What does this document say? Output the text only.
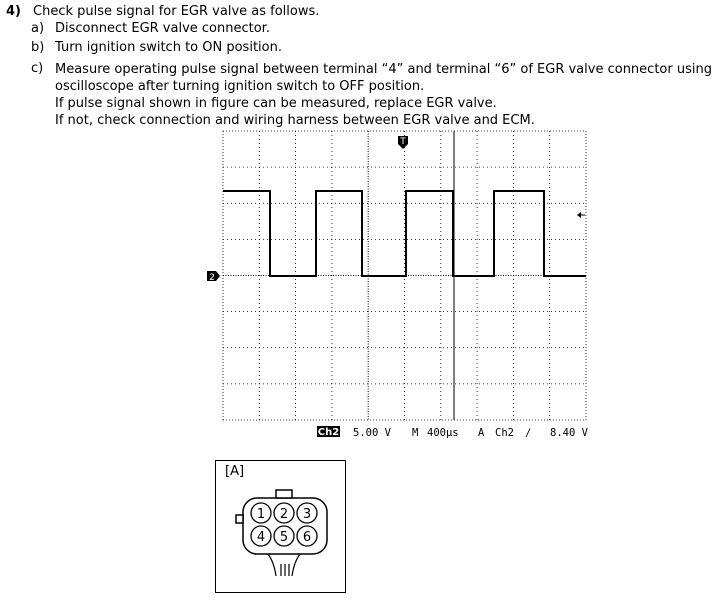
4) Check pulse signal for EGR valve as follows.
a) Disconnect EGR valve connector.
b) Turn ignition switch to ON position.
c) Measure operating pulse signal between terminal “4” and terminal “6” of EGR valve connector using
oscilloscope after turning ignition switch to OFF position.
If pulse signal shown in figure can be measured, replace EGR valve.
If not, check connection and wiring harness between EGR valve and ECM.
T
2
Ch2 5.00 V M 400µs A Ch2 ∕ 8.40 V
[A]
1 2 3
4 5 6
